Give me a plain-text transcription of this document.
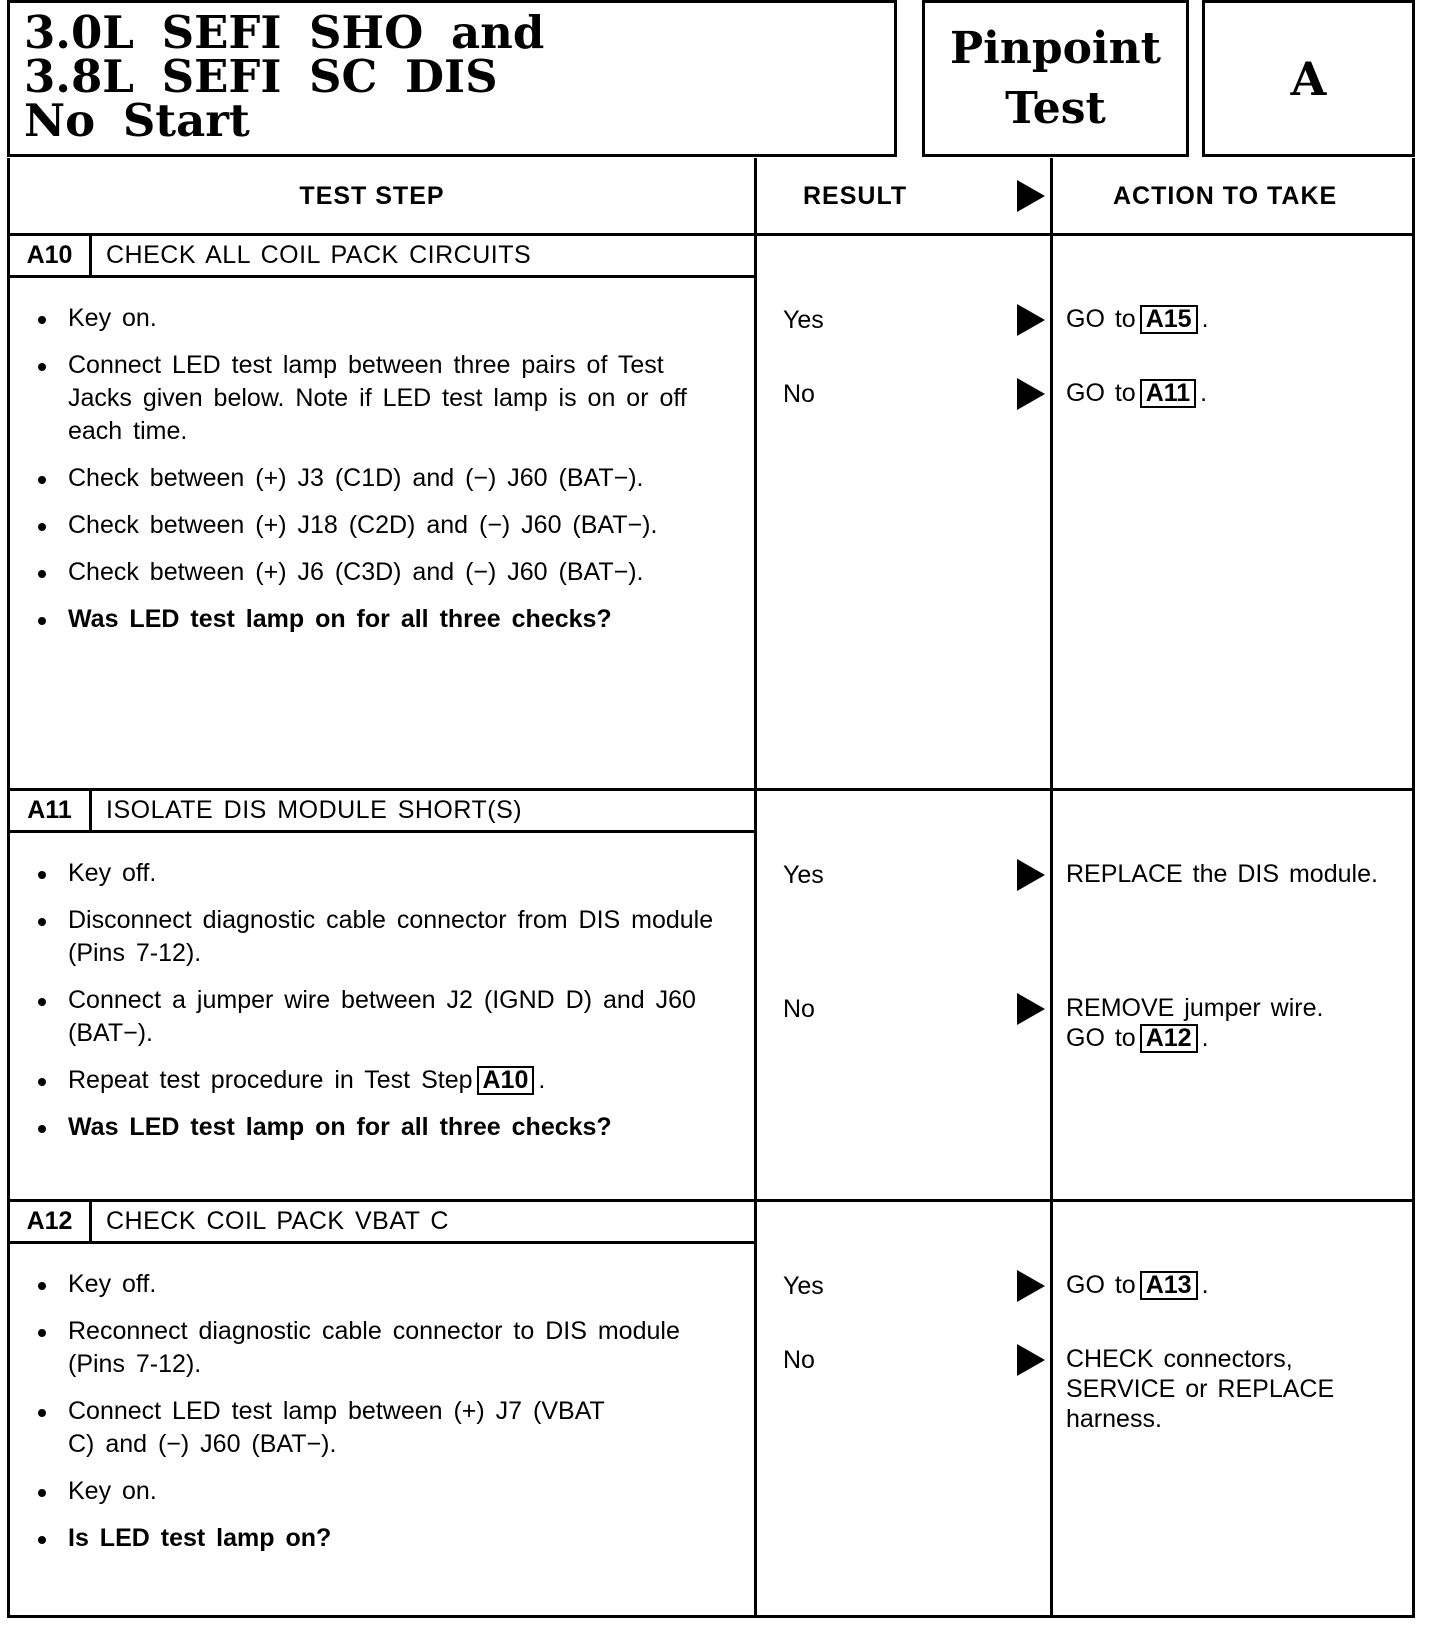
3.0L SEFI SHO and
3.8L SEFI SC DIS
No Start
Pinpoint
Test
A
TEST STEP	RESULT	ACTION TO TAKE
A10	CHECK ALL COIL PACK CIRCUITS
Key on.
Connect LED test lamp between three pairs of Test Jacks given below. Note if LED test lamp is on or off each time.
Check between (+) J3 (C1D) and (−) J60 (BAT−).
Check between (+) J18 (C2D) and (−) J60 (BAT−).
Check between (+) J6 (C3D) and (−) J60 (BAT−).
Was LED test lamp on for all three checks?
Yes	GO to A15 .
No	GO to A11 .
A11	ISOLATE DIS MODULE SHORT(S)
Key off.
Disconnect diagnostic cable connector from DIS module (Pins 7-12).
Connect a jumper wire between J2 (IGND D) and J60 (BAT−).
Repeat test procedure in Test Step A10 .
Was LED test lamp on for all three checks?
Yes	REPLACE the DIS module.
No	REMOVE jumper wire.
GO to A12 .
A12	CHECK COIL PACK VBAT C
Key off.
Reconnect diagnostic cable connector to DIS module (Pins 7-12).
Connect LED test lamp between (+) J7 (VBAT C) and (−) J60 (BAT−).
Key on.
Is LED test lamp on?
Yes	GO to A13 .
No	CHECK connectors, SERVICE or REPLACE harness.
